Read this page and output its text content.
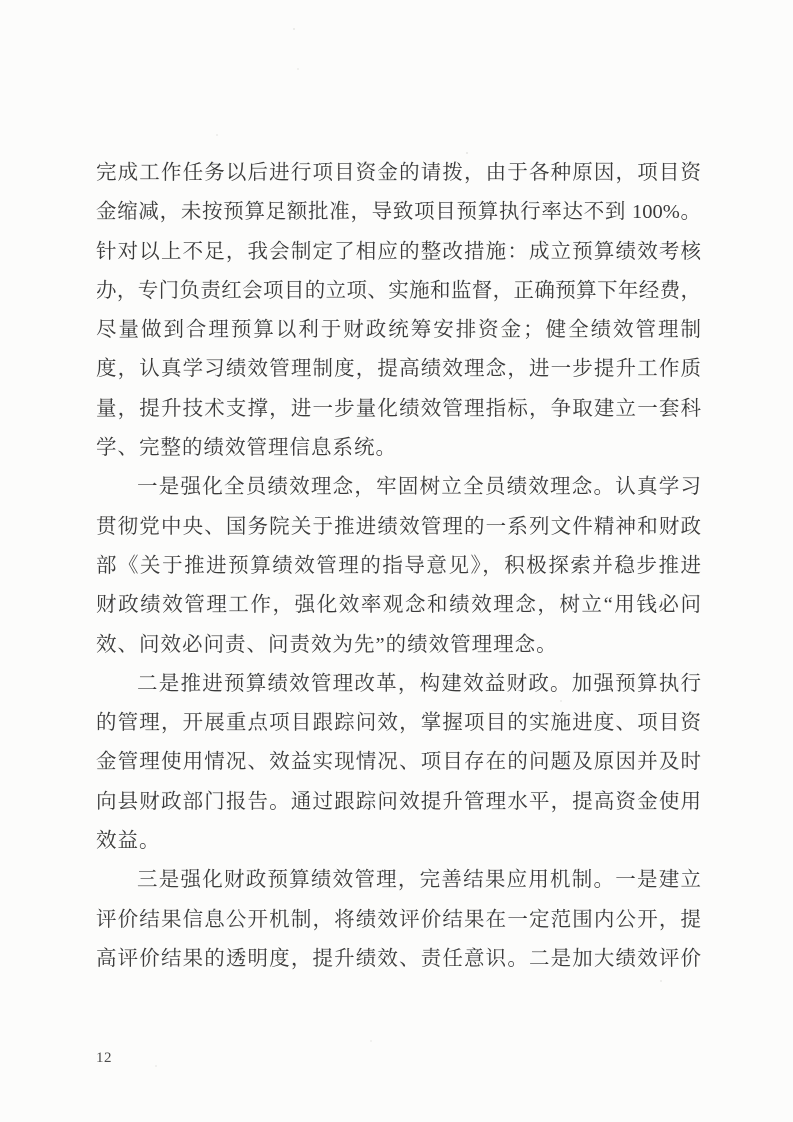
完成工作任务以后进行项目资金的请拨，由于各种原因，项目资
金缩减，未按预算足额批准，导致项目预算执行率达不到 100%。
针对以上不足，我会制定了相应的整改措施：成立预算绩效考核
办，专门负责红会项目的立项、实施和监督，正确预算下年经费，
尽量做到合理预算以利于财政统筹安排资金；健全绩效管理制
度，认真学习绩效管理制度，提高绩效理念，进一步提升工作质
量，提升技术支撑，进一步量化绩效管理指标，争取建立一套科
学、完整的绩效管理信息系统。
一是强化全员绩效理念，牢固树立全员绩效理念。认真学习
贯彻党中央、国务院关于推进绩效管理的一系列文件精神和财政
部《关于推进预算绩效管理的指导意见》，积极探索并稳步推进
财政绩效管理工作，强化效率观念和绩效理念，树立“用钱必问
效、问效必问责、问责效为先”的绩效管理理念。
二是推进预算绩效管理改革，构建效益财政。加强预算执行
的管理，开展重点项目跟踪问效，掌握项目的实施进度、项目资
金管理使用情况、效益实现情况、项目存在的问题及原因并及时
向县财政部门报告。通过跟踪问效提升管理水平，提高资金使用
效益。
三是强化财政预算绩效管理，完善结果应用机制。一是建立
评价结果信息公开机制，将绩效评价结果在一定范围内公开，提
高评价结果的透明度，提升绩效、责任意识。二是加大绩效评价
12
